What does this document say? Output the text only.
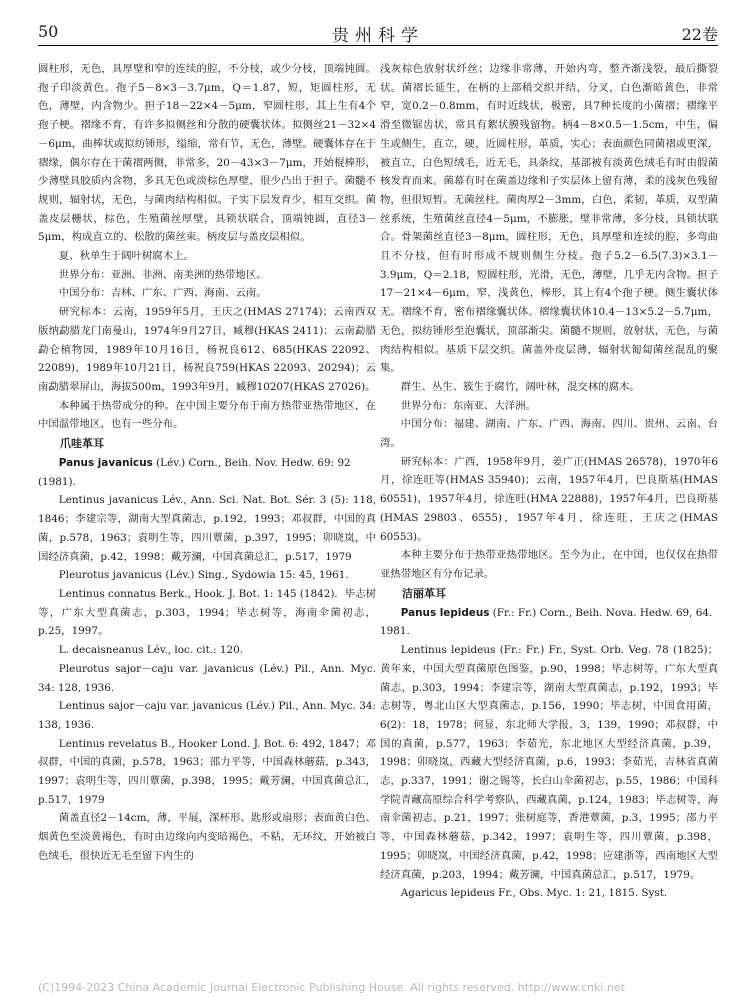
50	贵州科学	22卷

圆柱形，无色，具厚壁和窄的连续的腔，不分枝，或少分枝，顶端钝圆。孢子印淡黄色。孢子5－8×3－3.7μm，Q＝1.87，短，矩圆柱形，无色，薄壁，内含物少。担子18－22×4－5μm，窄圆柱形，其上生有4个孢子梗。褶缘不育，有许多拟侧丝和分散的硬囊状体。拟侧丝21－32×4－6μm，曲棒状或拟纺锤形，缢缩，常有节，无色，薄壁。硬囊体存在于褶缘，偶尔存在于菌褶两侧，非常多，20－43×3－7μm，开始棍棒形，少薄壁具胶质内含物，多具无色或淡棕色厚壁，很少凸出于担子。菌髓不规则，辐射状，无色，与菌肉结构相似。子实下层发育少，相互交织。菌盖皮层栅状，棕色，生殖菌丝厚壁，具锁状联合，顶端钝圆，直径3－5μm，构成直立的、松散的菌丝束。柄皮层与盖皮层相似。

夏、秋单生于阔叶树腐木上。

世界分布：亚洲、非洲、南美洲的热带地区。

中国分布：吉林、广东、广西、海南、云南。

研究标本：云南，1959年5月，王庆之(HMAS 27174)；云南西双版纳勐腊龙门南曼山，1974年9月27日，臧穆(HKAS 2411)；云南勐腊勐仑植物园，1989年10月16日，杨祝良612、685(HKAS 22092、22089)，1989年10月21日，杨祝良759(HKAS 22093、20294)；云南勐腊翠屏山，海拔500m，1993年9月，臧穆10207(HKAS 27026)。

本种属于热带成分的种。在中国主要分布于南方热带亚热带地区，在中国温带地区，也有一些分布。

爪哇革耳
Panus javanicus (Lév.) Corn., Beih. Nov. Hedw. 69: 92 (1981).

Lentinus javanicus Lév., Ann. Sci. Nat. Bot. Sér. 3 (5): 118, 1846；李建宗等，湖南大型真菌志，p.192，1993；邓叔群，中国的真菌，p.578，1963；袁明生等，四川蕈菌，p.397，1995；卯晓岚，中国经济真菌，p.42，1998；戴芳澜，中国真菌总汇，p.517，1979

Pleurotus javanicus (Lév.) Sing., Sydowia 15: 45, 1961.

Lentinus connatus Berk., Hook. J. Bot. 1: 145 (1842)．毕志树等，广东大型真菌志，p.303，1994；毕志树等，海南伞菌初志，p.25，1997。

L. decaisneanus Lév., loc. cit.: 120.

Pleurotus sajor－caju var. javanicus (Lév.) Pil., Ann. Myc. 34: 128, 1936.

Lentinus sajor－caju var. javanicus (Lév.) Pil., Ann. Myc. 34: 138, 1936.

Lentinus revelatus B., Hooker Lond. J. Bot. 6: 492, 1847；邓叔群，中国的真菌，p.578，1963；邵力平等，中国森林蘑菇，p.343，1997；袁明生等，四川蕈菌，p.398，1995；戴芳澜，中国真菌总汇，p.517，1979

菌盖直径2－14cm，薄，平展，深杯形、匙形或扇形；表面黄白色、烟黄色至淡黄褐色，有时由边缘向内变暗褐色，不粘，无环纹，开始被白色绒毛，很快近无毛至留下内生的

浅灰棕色放射状纤丝；边缘非常薄，开始内弯，整齐渐浅裂，最后撕裂状。菌褶长延生，在柄的上部稍交织并结，分叉，白色渐暗黄色，非常窄，宽0.2－0.8mm，有时近线状，极密，具7种长度的小菌褶；褶缘平滑至微锯齿状，常具有絮状膜残留物。柄4－8×0.5－1.5cm，中生，偏生或侧生，直立，硬，近圆柱形，革质，实心；表面颜色同菌褶或更深，被直立，白色短绒毛，近无毛，具条纹，基部被有淡黄色绒毛有时由假菌核发育而来。菌幕有时在菌盖边缘和子实层体上留有薄，柔的浅灰色残留物，但很短暂。无菌丝柱。菌肉厚2－3mm，白色，柔韧，革质，双型菌丝系统，生殖菌丝直径4－5μm，不膨胀，壁非常薄，多分枝，具锁状联合。骨架菌丝直径3－8μm，圆柱形，无色，具厚壁和连续的腔，多弯曲且不分枝，但有时形成不规则侧生分枝。孢子5.2－6.5(7.3)×3.1－3.9μm，Q＝2.18，短圆柱形，光滑，无色，薄壁，几乎无内含物。担子17－21×4－6μm，窄，浅黄色，棒形，其上有4个孢子梗。侧生囊状体无。褶缘不育，密布褶缘囊状体。褶缘囊状体10.4－13×5.2－5.7μm，无色，拟纺锤形至泡囊状，顶部渐尖。菌髓不规则，放射状，无色，与菌肉结构相似。基质下层交织。菌盖外皮层薄，辐射状匍匐菌丝混乱的聚集。

群生、丛生、簇生于腐竹，阔叶林，混交林的腐木。

世界分布：东南亚、大洋洲。

中国分布：福建、湖南、广东、广西、海南、四川、贵州、云南、台湾。

研究标本：广西，1958年9月，姜广正(HMAS 26578)，1970年6月，徐连旺等(HMAS 35940)；云南，1957年4月，巴良斯基(HMAS 60551)，1957年4月，徐连旺(HMA 22888)，1957年4月，巴良斯基(HMAS 29803、6555)，1957年4月，徐连旺，王庆之(HMAS 60553)。

本种主要分布于热带亚热带地区。至今为止，在中国，也仅仅在热带亚热带地区有分布记录。

洁丽革耳
Panus lepideus (Fr.: Fr.) Corn., Beih. Nova. Hedw. 69, 64. 1981.

Lentinus lepideus (Fr.: Fr.) Fr., Syst. Orb. Veg. 78 (1825)；黄年来，中国大型真菌原色图鉴，p.90，1998；毕志树等，广东大型真菌志，p.303，1994；李建宗等，湖南大型真菌志，p.192，1993；毕志树等，粤北山区大型真菌志，p.156，1990；毕志树，中国食用菌，6(2)：18，1978；何显，东北师大学报，3，139，1990；邓叔群，中国的真菌，p.577，1963；李茹光，东北地区大型经济真菌，p.39，1998；卯晓岚，西藏大型经济真菌，p.6，1993；李茹光，吉林省真菌志，p.337，1991；谢之锡等，长白山伞菌初志，p.55，1986；中国科学院青藏高原综合科学考察队，西藏真菌，p.124，1983；毕志树等，海南伞菌初志，p.21，1997；张树庭等，香港蕈菌，p.3，1995；邵力平等，中国森林蘑菇，p.342，1997；袁明生等，四川蕈菌，p.398，1995；卯晓岚，中国经济真菌，p.42，1998；应建浙等，西南地区大型经济真菌，p.203，1994；戴芳澜，中国真菌总汇，p.517，1979。

Agaricus lepideus Fr., Obs. Myc. 1: 21, 1815. Syst.

(C)1994-2023 China Academic Journal Electronic Publishing House. All rights reserved. http://www.cnki.net
